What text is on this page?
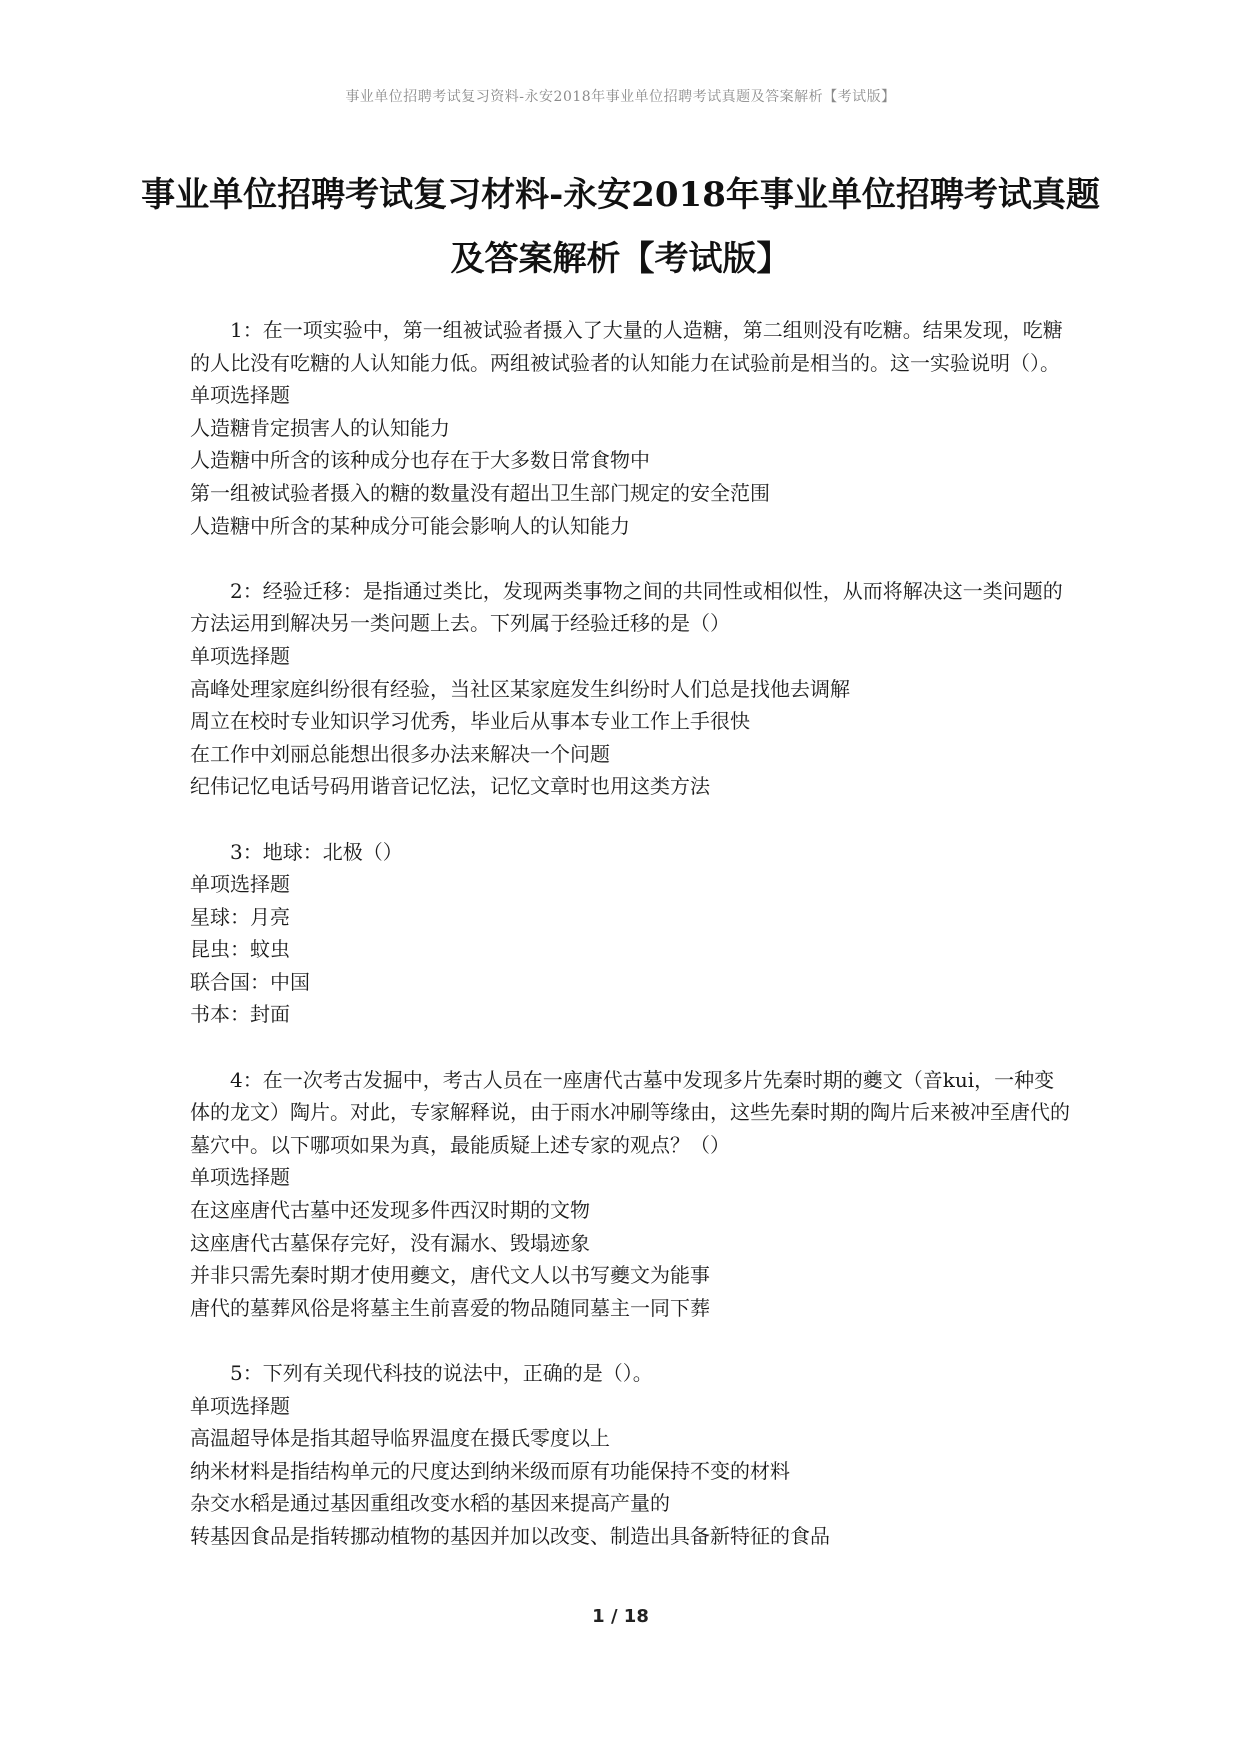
事业单位招聘考试复习资料-永安2018年事业单位招聘考试真题及答案解析【考试版】
事业单位招聘考试复习材料-永安2018年事业单位招聘考试真题及答案解析【考试版】

1：在一项实验中，第一组被试验者摄入了大量的人造糖，第二组则没有吃糖。结果发现，吃糖的人比没有吃糖的人认知能力低。两组被试验者的认知能力在试验前是相当的。这一实验说明（）。

单项选择题

人造糖肯定损害人的认知能力

人造糖中所含的该种成分也存在于大多数日常食物中

第一组被试验者摄入的糖的数量没有超出卫生部门规定的安全范围

人造糖中所含的某种成分可能会影响人的认知能力

2：经验迁移：是指通过类比，发现两类事物之间的共同性或相似性，从而将解决这一类问题的方法运用到解决另一类问题上去。下列属于经验迁移的是（）

单项选择题

高峰处理家庭纠纷很有经验，当社区某家庭发生纠纷时人们总是找他去调解

周立在校时专业知识学习优秀，毕业后从事本专业工作上手很快

在工作中刘丽总能想出很多办法来解决一个问题

纪伟记忆电话号码用谐音记忆法，记忆文章时也用这类方法

3：地球：北极（）

单项选择题

星球：月亮

昆虫：蚊虫

联合国：中国

书本：封面

4：在一次考古发掘中，考古人员在一座唐代古墓中发现多片先秦时期的夔文（音kui，一种变体的龙文）陶片。对此，专家解释说，由于雨水冲刷等缘由，这些先秦时期的陶片后来被冲至唐代的墓穴中。以下哪项如果为真，最能质疑上述专家的观点？（）

单项选择题

在这座唐代古墓中还发现多件西汉时期的文物

这座唐代古墓保存完好，没有漏水、毁塌迹象

并非只需先秦时期才使用夔文，唐代文人以书写夔文为能事

唐代的墓葬风俗是将墓主生前喜爱的物品随同墓主一同下葬

5：下列有关现代科技的说法中，正确的是（）。

单项选择题

高温超导体是指其超导临界温度在摄氏零度以上

纳米材料是指结构单元的尺度达到纳米级而原有功能保持不变的材料

杂交水稻是通过基因重组改变水稻的基因来提高产量的

转基因食品是指转挪动植物的基因并加以改变、制造出具备新特征的食品

1 / 18
